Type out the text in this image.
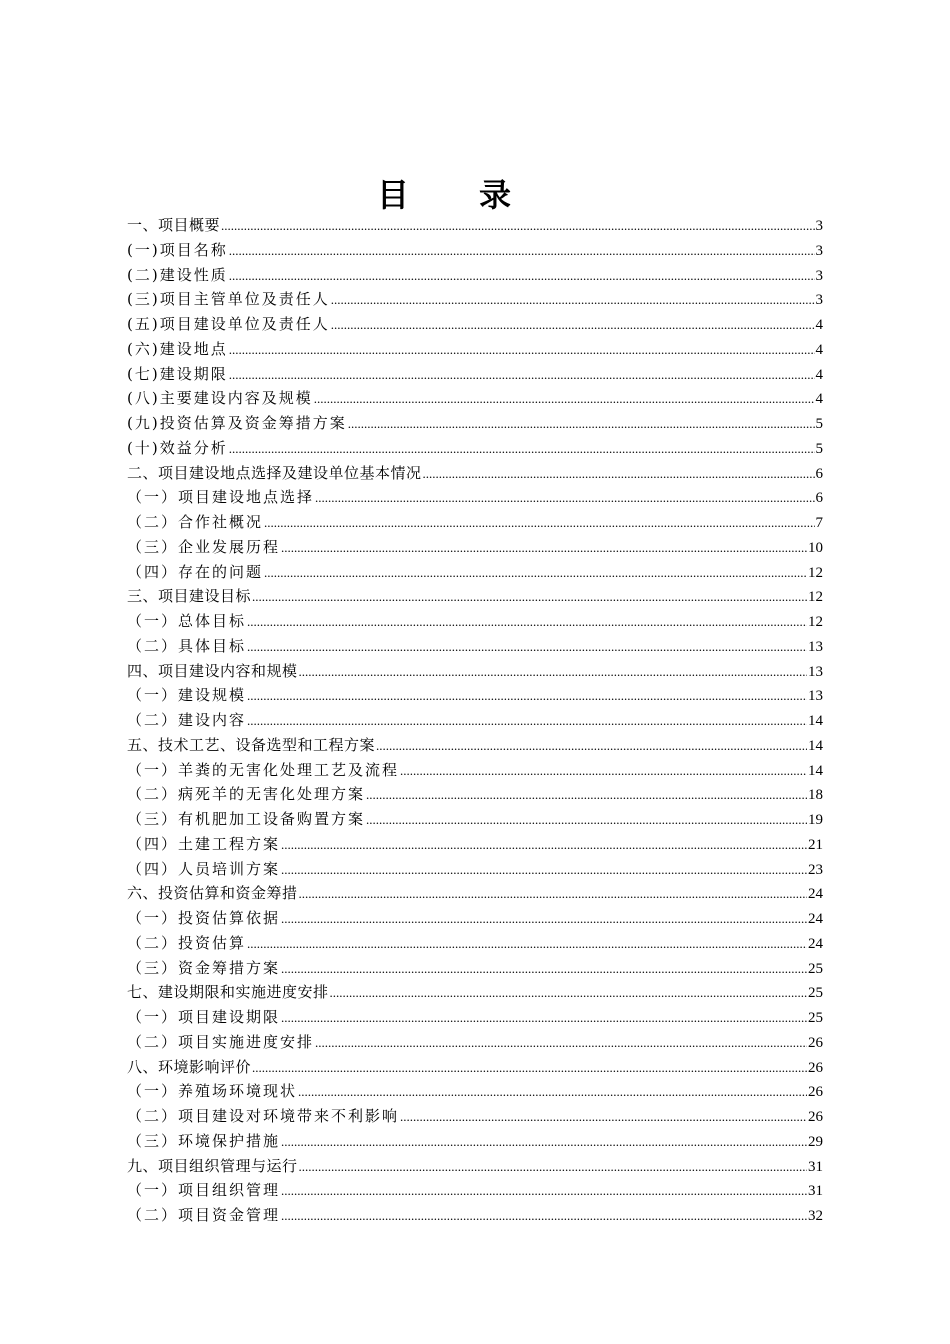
目 录
一、项目概要 .....	3
(一)项目名称 .....	3
(二)建设性质 .....	3
(三)项目主管单位及责任人 .....	3
(五)项目建设单位及责任人 .....	4
(六)建设地点 .....	4
(七)建设期限 .....	4
(八)主要建设内容及规模 .....	4
(九)投资估算及资金筹措方案 .....	5
(十)效益分析 .....	5
二、项目建设地点选择及建设单位基本情况 .....	6
（一）项目建设地点选择 .....	6
（二）合作社概况 .....	7
（三）企业发展历程 .....	10
（四）存在的问题 .....	12
三、项目建设目标 .....	12
（一）总体目标 .....	12
（二）具体目标 .....	13
四、项目建设内容和规模 .....	13
（一）建设规模 .....	13
（二）建设内容 .....	14
五、技术工艺、设备选型和工程方案 .....	14
（一）羊粪的无害化处理工艺及流程 .....	14
（二）病死羊的无害化处理方案 .....	18
（三）有机肥加工设备购置方案 .....	19
（四）土建工程方案 .....	21
（四）人员培训方案 .....	23
六、投资估算和资金筹措 .....	24
（一）投资估算依据 .....	24
（二）投资估算 .....	24
（三）资金筹措方案 .....	25
七、建设期限和实施进度安排 .....	25
（一）项目建设期限 .....	25
（二）项目实施进度安排 .....	26
八、环境影响评价 .....	26
（一）养殖场环境现状 .....	26
（二）项目建设对环境带来不利影响 .....	26
（三）环境保护措施 .....	29
九、项目组织管理与运行 .....	31
（一）项目组织管理 .....	31
（二）项目资金管理 .....	32
